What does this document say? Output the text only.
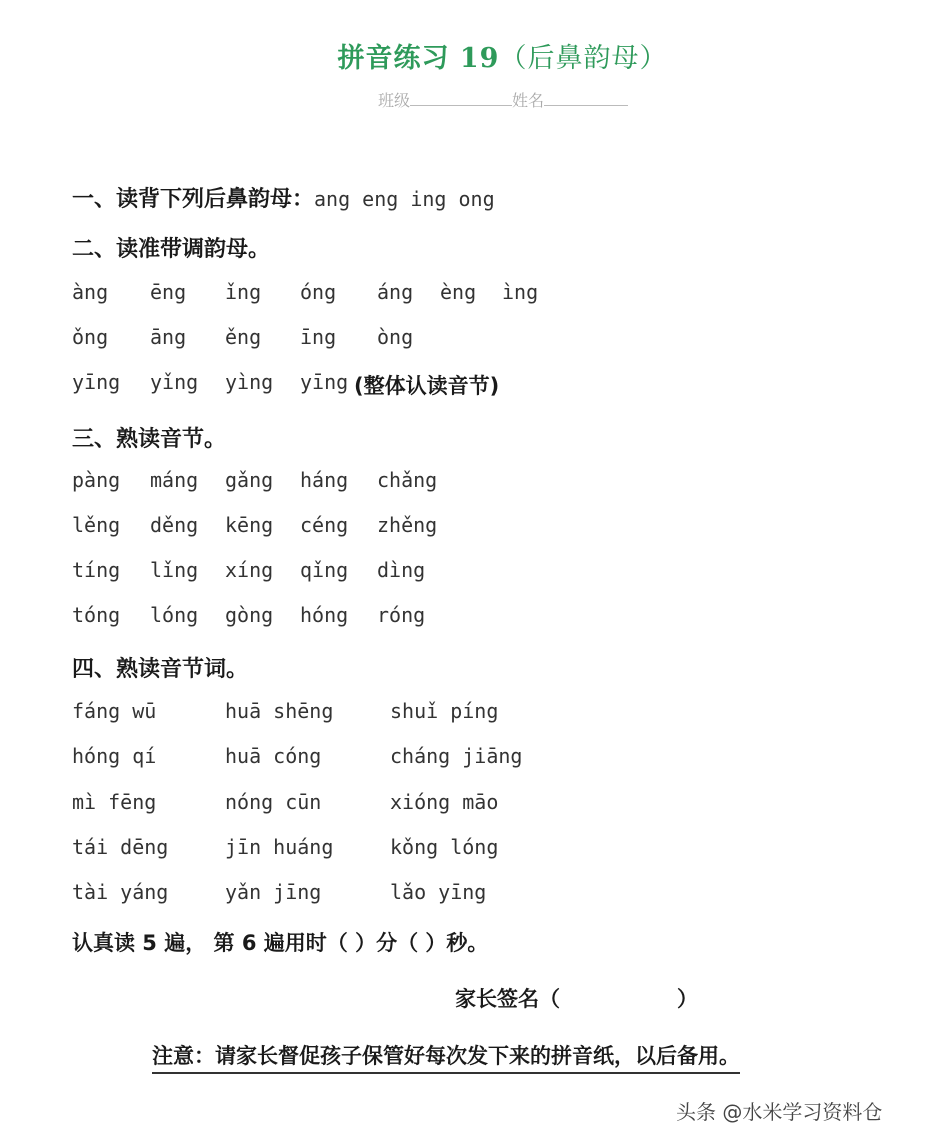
拼音练习 19（后鼻韵母）
班级	姓名
一、读背下列后鼻韵母：ang eng ing ong
二、读准带调韵母。
àng ēng ǐng óng áng èng ìng
ǒng āng ěng īng òng
yīng yǐng yìng yīng (整体认读音节)
三、熟读音节。
pàng máng gǎng háng chǎng
lěng děng kēng céng zhěng
tíng lǐng xíng qǐng dìng
tóng lóng gòng hóng róng
四、熟读音节词。
fáng wū	huā shēng	shuǐ píng
hóng qí	huā cóng	cháng jiāng
mì fēng	nóng cūn	xióng māo
tái dēng	jīn huáng	kǒng lóng
tài yáng	yǎn jīng	lǎo yīng
认真读 5 遍， 第 6 遍用时（ ）分（ ）秒。
家长签名（                ）
注意：请家长督促孩子保管好每次发下来的拼音纸，以后备用。
头条 @水米学习资料仓
